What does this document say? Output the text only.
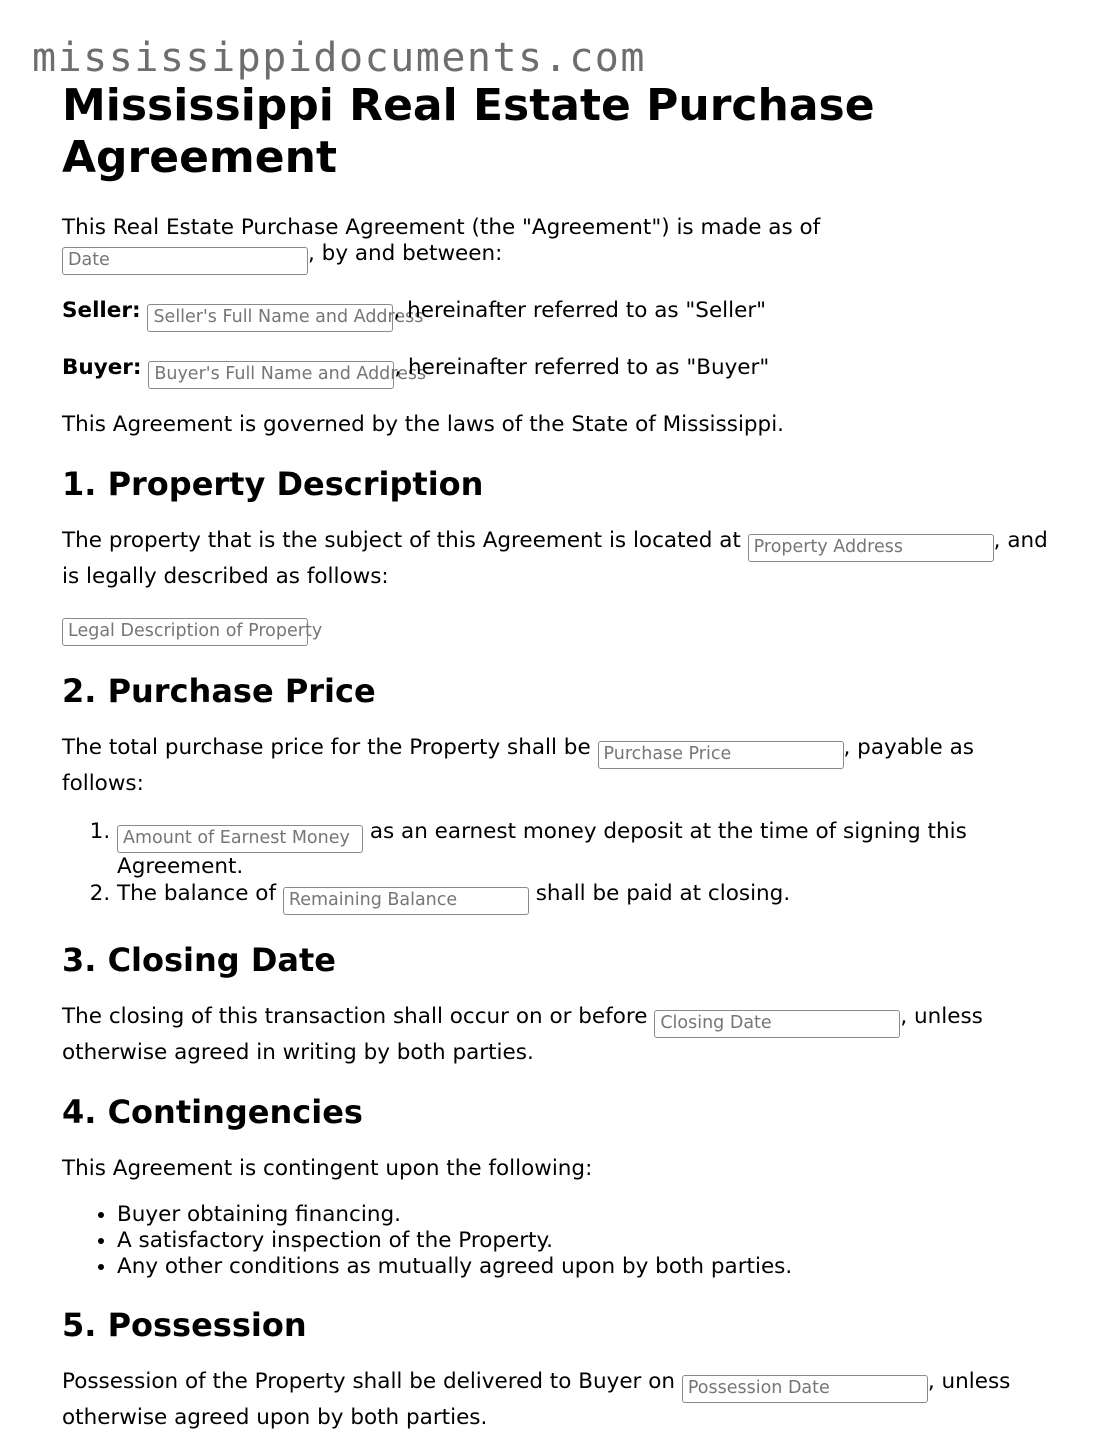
mississippidocuments.com
Mississippi Real Estate Purchase Agreement

This Real Estate Purchase Agreement (the "Agreement") is made as of
Date	, by and between:

Seller: Seller's Full Name and Address, hereinafter referred to as "Seller"

Buyer: Buyer's Full Name and Address, hereinafter referred to as "Buyer"

This Agreement is governed by the laws of the State of Mississippi.

1. Property Description

The property that is the subject of this Agreement is located at Property Address	, and is legally described as follows:

Legal Description of Property

2. Purchase Price

The total purchase price for the Property shall be Purchase Price	, payable as follows:

1. Amount of Earnest Money as an earnest money deposit at the time of signing this Agreement.
2. The balance of Remaining Balance	shall be paid at closing.
3. Closing Date

The closing of this transaction shall occur on or before Closing Date	, unless otherwise agreed in writing by both parties.

4. Contingencies

This Agreement is contingent upon the following:

• Buyer obtaining financing.
• A satisfactory inspection of the Property.
• Any other conditions as mutually agreed upon by both parties.
5. Possession

Possession of the Property shall be delivered to Buyer on Possession Date	, unless otherwise agreed upon by both parties.
